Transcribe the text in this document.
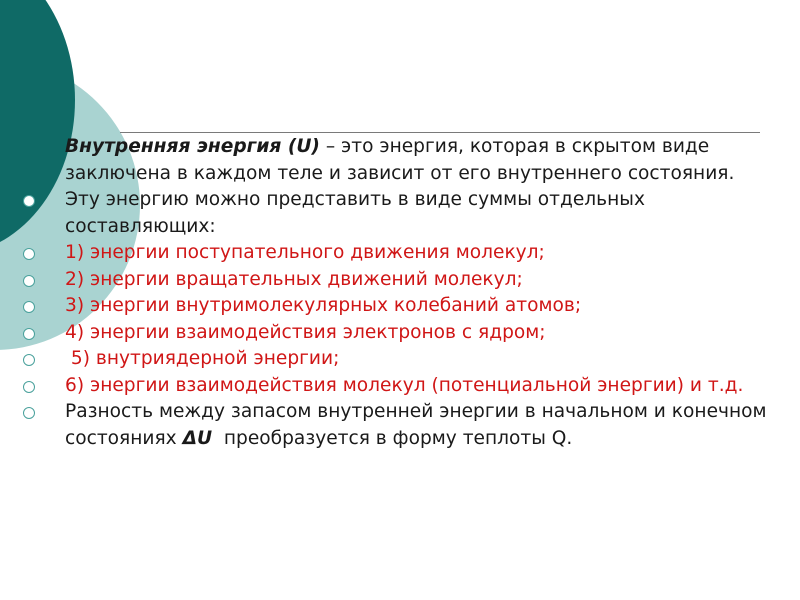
Внутренняя энергия (U) – это энергия, которая в скрытом виде заключена в каждом теле и зависит от его внутреннего состояния.
Эту энергию можно представить в виде суммы отдельных составляющих:
1) энергии поступательного движения молекул;
2) энергии вращательных движений молекул;
3) энергии внутримолекулярных колебаний атомов;
4) энергии взаимодействия электронов с ядром;
5) внутриядерной энергии;
6) энергии взаимодействия молекул (потенциальной энергии) и т.д.
Разность между запасом внутренней энергии в начальном и конечном состояниях ΔU  преобразуется в форму теплоты Q.
